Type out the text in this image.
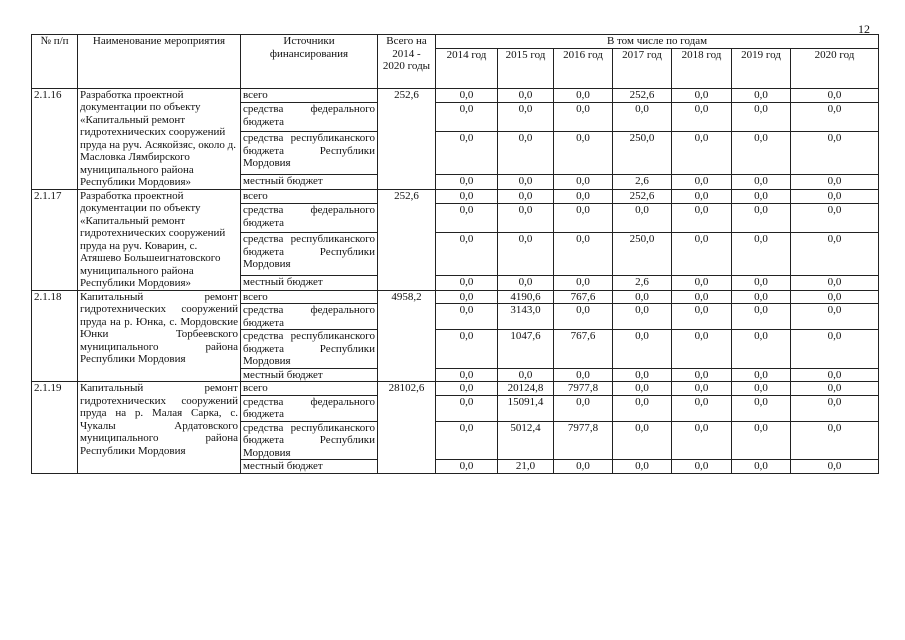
12
№ п/п	Наименование мероприятия	Источники финансирования	Всего на 2014 - 2020 годы	В том числе по годам						
				2014 год	2015 год	2016 год	2017 год	2018 год	2019 год	2020 год
2.1.16	Разработка проектной документации по объекту «Капитальный ремонт гидротехнических сооружений пруда на руч. Асякойзяс, около д. Масловка Лямбирского муниципального района Республики Мордовия»	всего	252,6	0,0	0,0	0,0	252,6	0,0	0,0	0,0
		средства федерального бюджета		0,0	0,0	0,0	0,0	0,0	0,0	0,0
		средства республиканского бюджета Республики Мордовия		0,0	0,0	0,0	250,0	0,0	0,0	0,0
		местный бюджет		0,0	0,0	0,0	2,6	0,0	0,0	0,0
2.1.17	Разработка проектной документации по объекту «Капитальный ремонт гидротехнических сооружений пруда на руч. Коварин, с. Атяшево Большеигнатовского муниципального района Республики Мордовия»	всего	252,6	0,0	0,0	0,0	252,6	0,0	0,0	0,0
		средства федерального бюджета		0,0	0,0	0,0	0,0	0,0	0,0	0,0
		средства республиканского бюджета Республики Мордовия		0,0	0,0	0,0	250,0	0,0	0,0	0,0
		местный бюджет		0,0	0,0	0,0	2,6	0,0	0,0	0,0
2.1.18	Капитальный ремонт гидротехнических сооружений пруда на р. Юнка, с. Мордовские Юнки Торбеевского муниципального района Республики Мордовия	всего	4958,2	0,0	4190,6	767,6	0,0	0,0	0,0	0,0
		средства федерального бюджета		0,0	3143,0	0,0	0,0	0,0	0,0	0,0
		средства республиканского бюджета Республики Мордовия		0,0	1047,6	767,6	0,0	0,0	0,0	0,0
		местный бюджет		0,0	0,0	0,0	0,0	0,0	0,0	0,0
2.1.19	Капитальный ремонт гидротехнических сооружений пруда на р. Малая Сарка, с. Чукалы Ардатовского муниципального района Республики Мордовия	всего	28102,6	0,0	20124,8	7977,8	0,0	0,0	0,0	0,0
		средства федерального бюджета		0,0	15091,4	0,0	0,0	0,0	0,0	0,0
		средства республиканского бюджета Республики Мордовия		0,0	5012,4	7977,8	0,0	0,0	0,0	0,0
		местный бюджет		0,0	21,0	0,0	0,0	0,0	0,0	0,0
